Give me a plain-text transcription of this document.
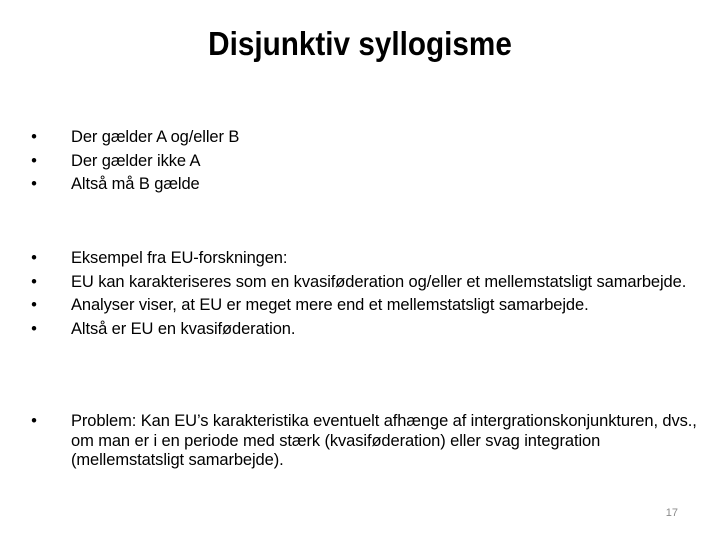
Disjunktiv syllogisme
• Der gælder A og/eller B
• Der gælder ikke A
• Altså må B gælde
• Eksempel fra EU-forskningen:
• EU kan karakteriseres som en kvasiføderation og/eller et mellemstatsligt samarbejde.
• Analyser viser, at EU er meget mere end et mellemstatsligt samarbejde.
• Altså er EU en kvasiføderation.
• Problem: Kan EU’s karakteristika eventuelt afhænge af intergrationskonjunkturen, dvs., om man er i en periode med stærk (kvasiføderation) eller svag integration (mellemstatsligt samarbejde).
17
